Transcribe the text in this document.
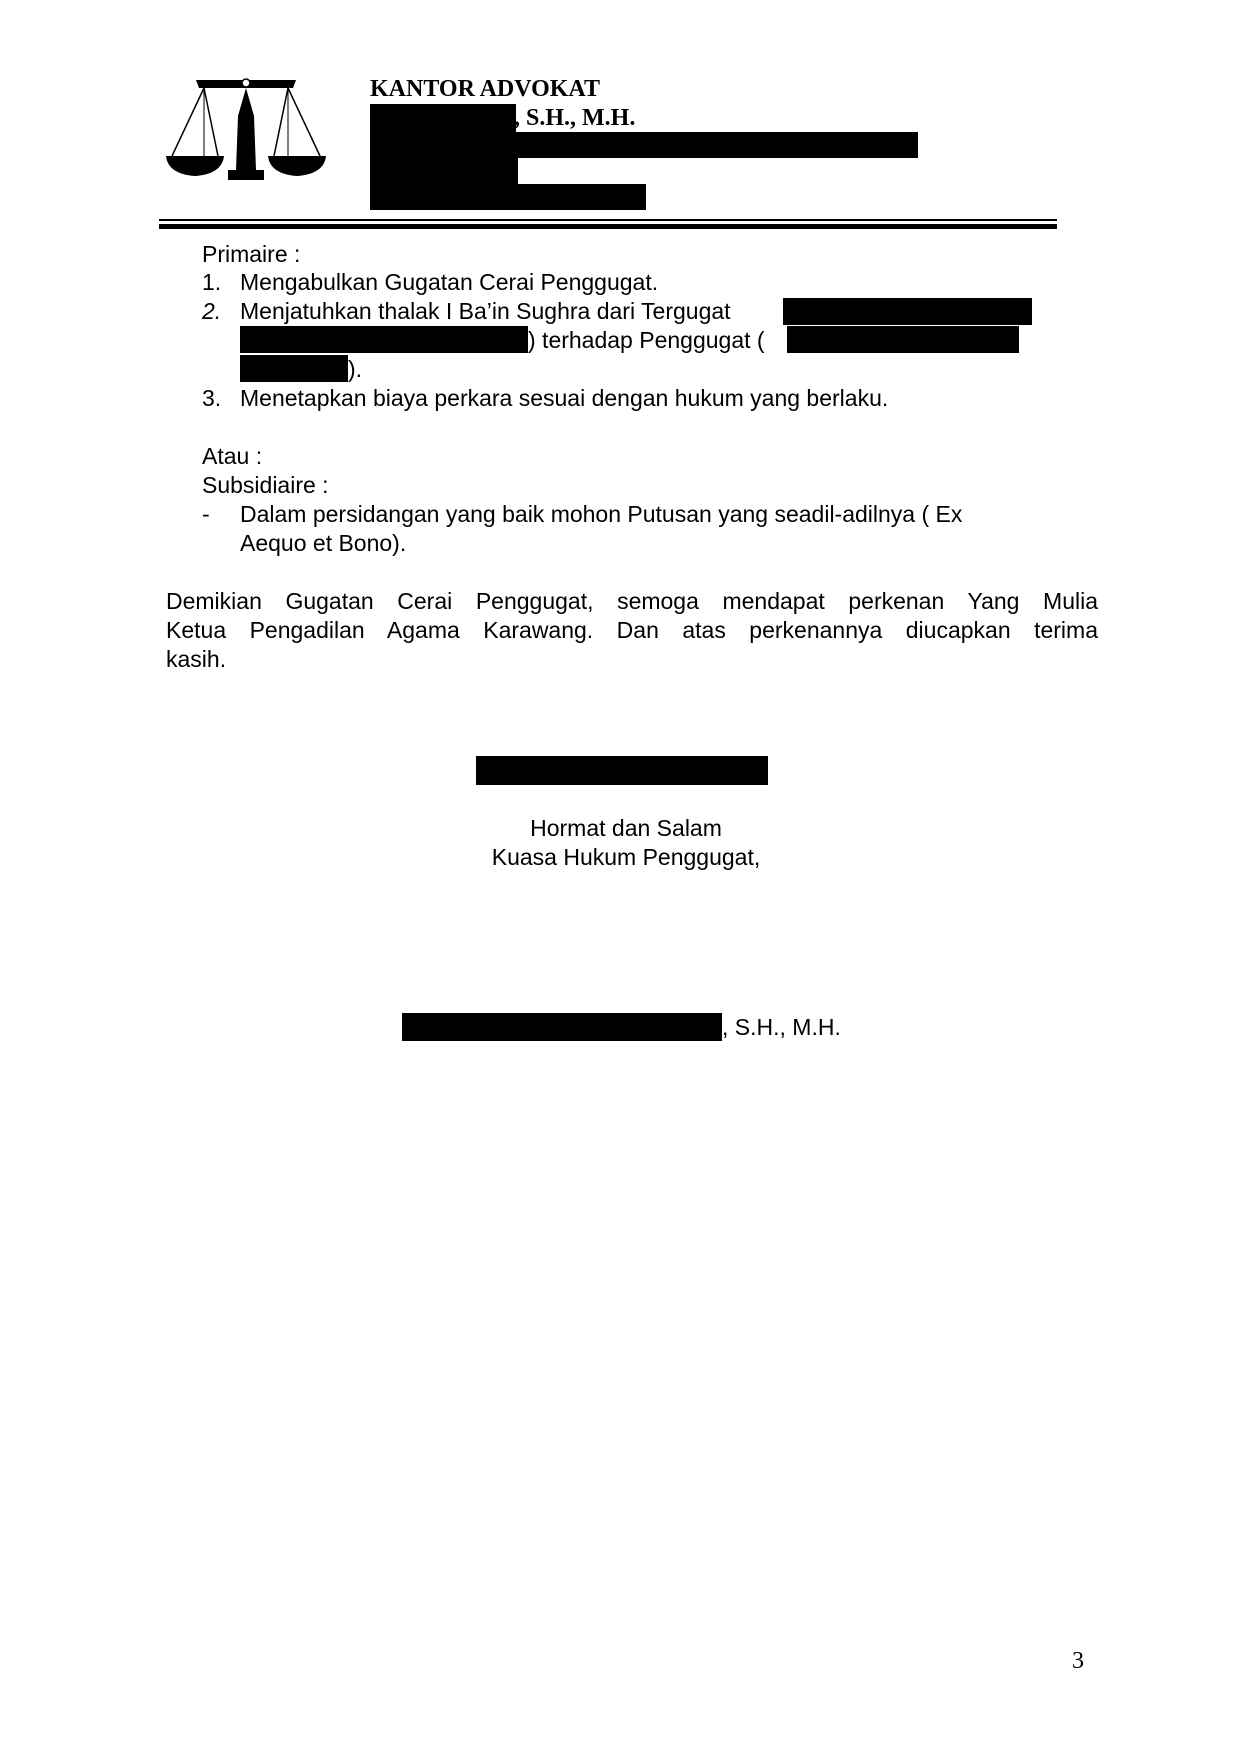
KANTOR ADVOKAT
, S.H., M.H.
Primaire :
1. Mengabulkan Gugatan Cerai Penggugat.
2. Menjatuhkan thalak I Ba’in Sughra dari Tergugat
) terhadap Penggugat (
).
3. Menetapkan biaya perkara sesuai dengan hukum yang berlaku.
Atau :
Subsidiaire :
- Dalam persidangan yang baik mohon Putusan yang seadil-adilnya ( Ex
Aequo et Bono).
Demikian Gugatan Cerai Penggugat, semoga mendapat perkenan Yang Mulia
Ketua Pengadilan Agama Karawang. Dan atas perkenannya diucapkan terima
kasih.
Hormat dan Salam
Kuasa Hukum Penggugat,
, S.H., M.H.
3
